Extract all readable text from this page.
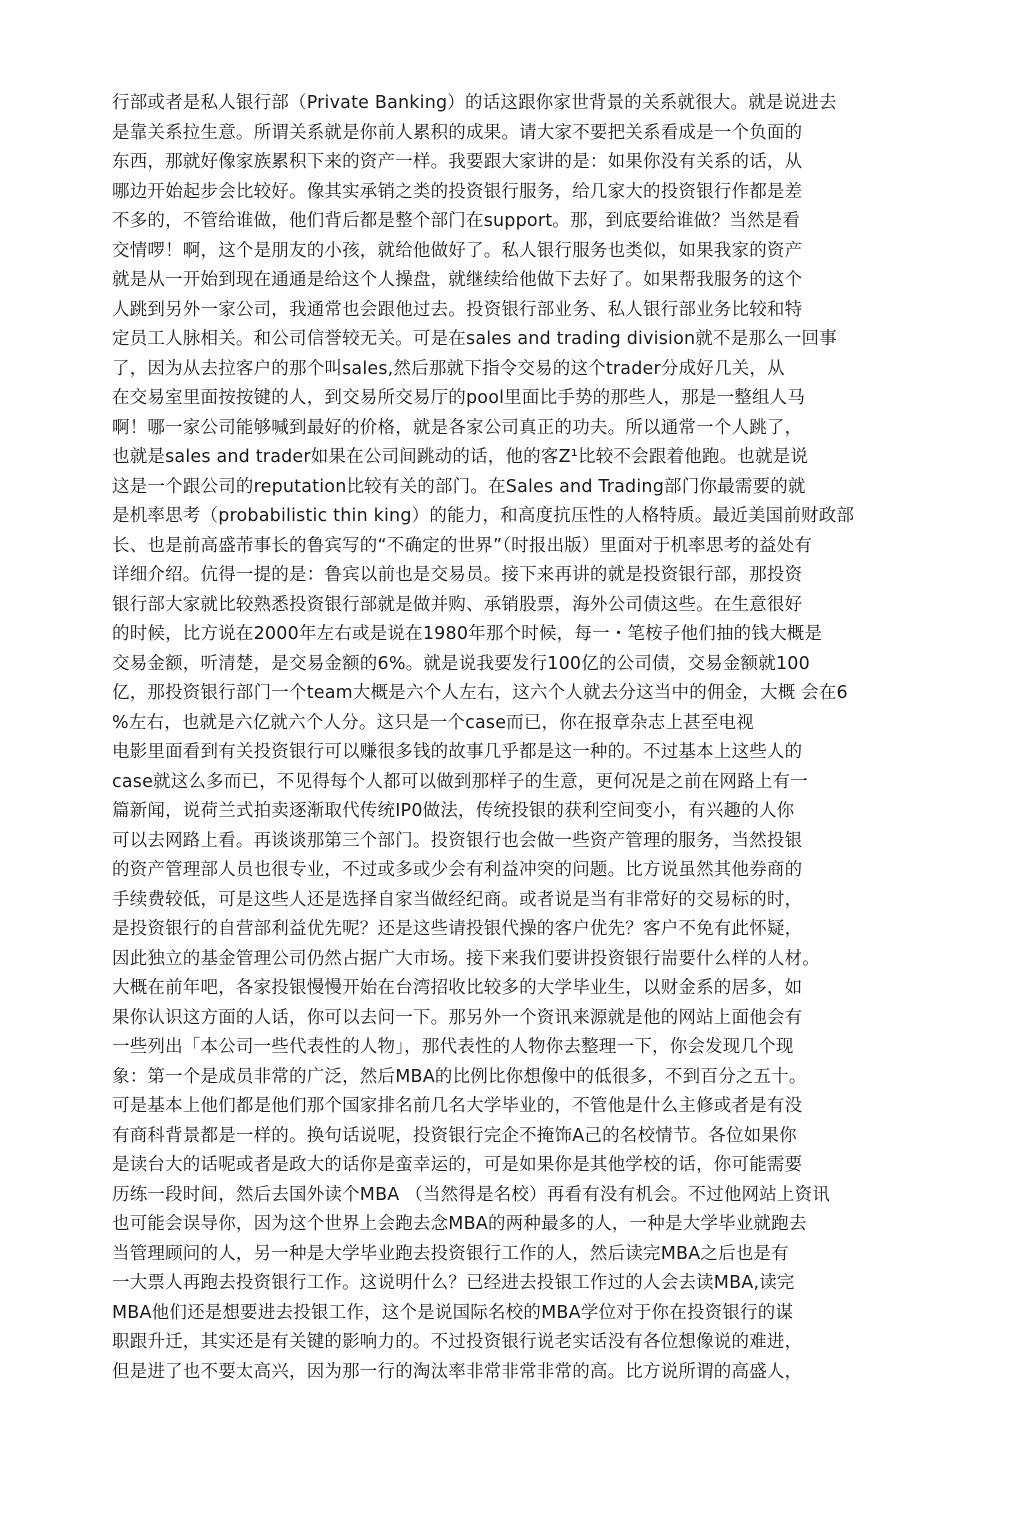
行部或者是私人银行部（Private Banking）的话这跟你家世背景的关系就很大。就是说进去
是靠关系拉生意。所谓关系就是你前人累积的成果。请大家不要把关系看成是一个负面的
东西，那就好像家族累积下来的资产一样。我要跟大家讲的是：如果你没有关系的话，从
哪边开始起步会比较好。像其实承销之类的投资银行服务，给几家大的投资银行作都是差
不多的，不管给谁做，他们背后都是整个部门在support。那，到底要给谁做？当然是看
交情啰！啊，这个是朋友的小孩，就给他做好了。私人银行服务也类似，如果我家的资产
就是从一开始到现在通通是给这个人操盘，就继续给他做下去好了。如果帮我服务的这个
人跳到另外一家公司，我通常也会跟他过去。投资银行部业务、私人银行部业务比较和特
定员工人脉相关。和公司信誉较无关。可是在sales and trading division就不是那么一回事
了，因为从去拉客户的那个叫sales,然后那就下指令交易的这个trader分成好几关，从
在交易室里面按按键的人，到交易所交易厅的pool里面比手势的那些人，那是一整组人马
啊！哪一家公司能够喊到最好的价格，就是各家公司真正的功夫。所以通常一个人跳了，
也就是sales and trader如果在公司间跳动的话，他的客Z¹比较不会跟着他跑。也就是说
这是一个跟公司的reputation比较有关的部门。在Sales and Trading部门你最需要的就
是机率思考（probabilistic thin king）的能力，和高度抗压性的人格特质。最近美国前财政部
长、也是前高盛芾事长的鲁宾写的“不确定的世界”（时报出版）里面对于机率思考的益处有
详细介绍。伉得一提的是：鲁宾以前也是交易员。接下来再讲的就是投资银行部，那投资
银行部大家就比较熟悉投资银行部就是做并购、承销股票，海外公司债这些。在生意很好
的时候，比方说在2000年左右或是说在1980年那个时候，每一・笔桉子他们抽的钱大概是
交易金额，听清楚，是交易金额的6%。就是说我要发行100亿的公司债，交易金额就100
亿，那投资银行部门一个team大概是六个人左右，这六个人就去分这当中的佣金，大概 会在6
%左右，也就是六亿就六个人分。这只是一个case而已，你在报章杂志上甚至电视
电影里面看到有关投资银行可以赚很多钱的故事几乎都是这一种的。不过基本上这些人的
case就这么多而已，不见得每个人都可以做到那样子的生意，更何况是之前在网路上有一
篇新闻，说荷兰式拍卖逐渐取代传统IP0做法，传统投银的获利空间变小，有兴趣的人你
可以去网路上看。再谈谈那第三个部门。投资银行也会做一些资产管理的服务，当然投银
的资产管理部人员也很专业，不过或多或少会有利益冲突的问题。比方说虽然其他券商的
手续费较低，可是这些人还是选择自家当做经纪商。或者说是当有非常好的交易标的时，
是投资银行的自营部利益优先呢？还是这些请投银代操的客户优先？客户不免有此怀疑，
因此独立的基金管理公司仍然占据广大市场。接下来我们要讲投资银行耑要什么样的人材。
大概在前年吧，各家投银慢慢开始在台湾招收比较多的大学毕业生，以财金系的居多，如
果你认识这方面的人话，你可以去问一下。那另外一个资讯来源就是他的网站上面他会有
一些列出「本公司一些代表性的人物」，那代表性的人物你去整理一下，你会发现几个现
象：第一个是成员非常的广泛，然后MBA的比例比你想像中的低很多，不到百分之五十。
可是基本上他们都是他们那个国家排名前几名大学毕业的，不管他是什么主修或者是有没
有商科背景都是一样的。换句话说呢，投资银行完企不掩饰A己的名校情节。各位如果你
是读台大的话呢或者是政大的话你是蛮幸运的，可是如果你是其他学校的话，你可能需要
历练一段时间，然后去国外读个MBA （当然得是名校）再看有没有机会。不过他网站上资讯
也可能会误导你，因为这个世界上会跑去念MBA的两种最多的人，一种是大学毕业就跑去
当管理顾问的人，另一种是大学毕业跑去投资银行工作的人，然后读完MBA之后也是有
一大票人再跑去投资银行工作。这说明什么？已经进去投银工作过的人会去读MBA,读完
MBA他们还是想要进去投银工作，这个是说国际名校的MBA学位对于你在投资银行的谋
职跟升迁，其实还是有关键的影响力的。不过投资银行说老实话没有各位想像说的难进，
但是进了也不要太高兴，因为那一行的淘汰率非常非常非常的高。比方说所谓的高盛人，
